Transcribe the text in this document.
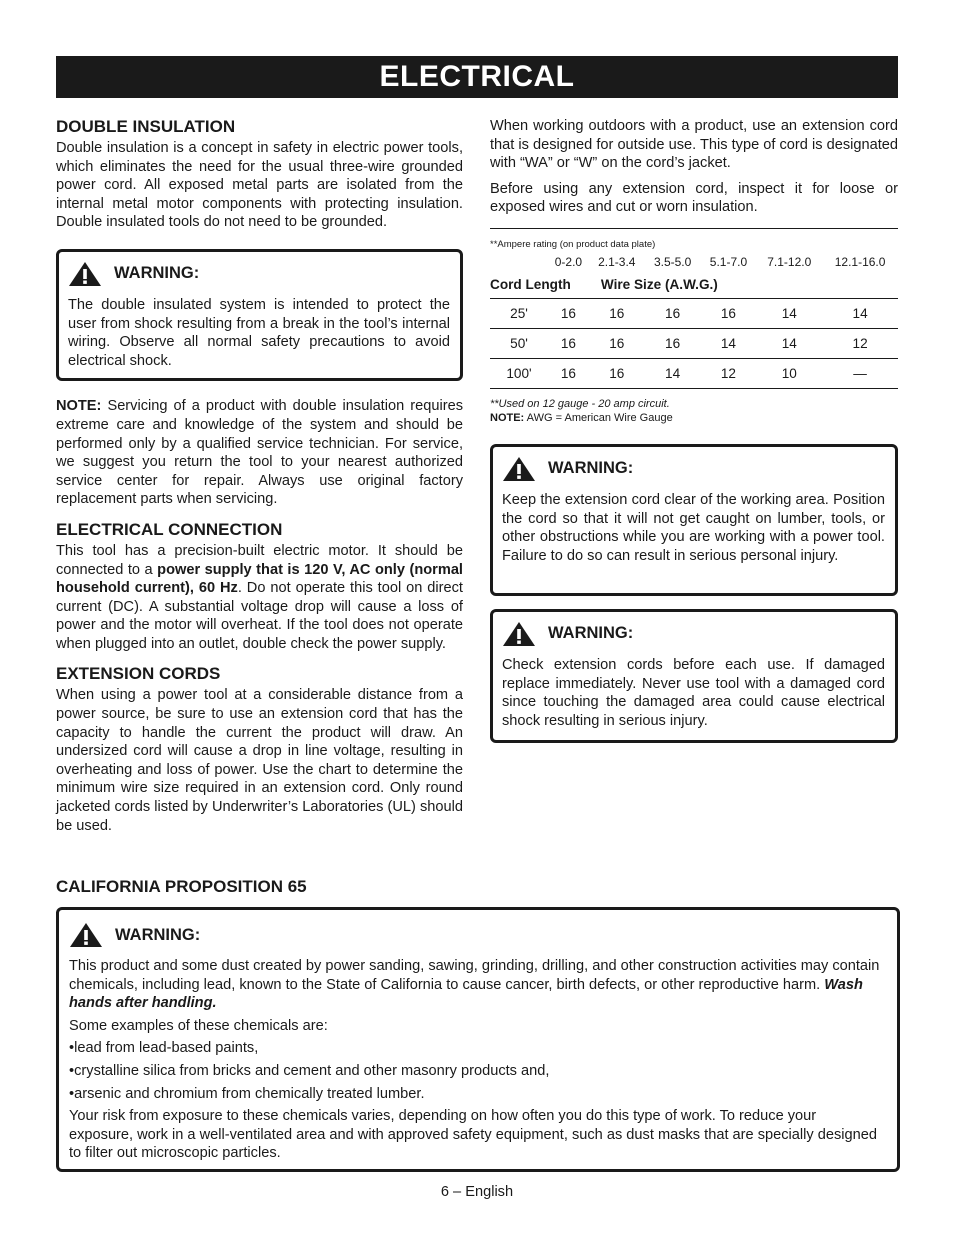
ELECTRICAL
DOUBLE INSULATION

Double insulation is a concept in safety in electric power tools, which eliminates the need for the usual three-wire grounded power cord. All exposed metal parts are isolated from the internal metal motor components with protecting insulation. Double insulated tools do not need to be grounded.

WARNING:

The double insulated system is intended to protect the user from shock resulting from a break in the tool’s internal wiring. Observe all normal safety precautions to avoid electrical shock.

NOTE: Servicing of a product with double insulation requires extreme care and knowledge of the system and should be performed only by a qualified service technician. For service, we suggest you return the tool to your nearest authorized service center for repair. Always use original factory replacement parts when servicing.

ELECTRICAL CONNECTION

This tool has a precision-built electric motor. It should be connected to a power supply that is 120 V, AC only (normal household current), 60 Hz. Do not operate this tool on direct current (DC). A substantial voltage drop will cause a loss of power and the motor will overheat. If the tool does not operate when plugged into an outlet, double check the power supply.

EXTENSION CORDS

When using a power tool at a considerable distance from a power source, be sure to use an extension cord that has the capacity to handle the current the product will draw. An undersized cord will cause a drop in line voltage, resulting in overheating and loss of power. Use the chart to determine the minimum wire size required in an extension cord. Only round jacketed cords listed by Underwriter’s Laboratories (UL) should be used.

When working outdoors with a product, use an extension cord that is designed for outside use. This type of cord is designated with “WA” or “W” on the cord’s jacket.

Before using any extension cord, inspect it for loose or exposed wires and cut or worn insulation.

**Ampere rating (on product data plate)						
	0-2.0	2.1-3.4	3.5-5.0	5.1-7.0	7.1-12.0	12.1-16.0
Cord Length		Wire Size (A.W.G.)				
25'	16	16	16	16	14	14
50'	16	16	16	14	14	12
100'	16	16	14	12	10	—

**Used on 12 gauge - 20 amp circuit.

NOTE: AWG = American Wire Gauge

WARNING:

Keep the extension cord clear of the working area. Position the cord so that it will not get caught on lumber, tools, or other obstructions while you are working with a power tool. Failure to do so can result in serious personal injury.

WARNING:

Check extension cords before each use. If damaged replace immediately. Never use tool with a damaged cord since touching the damaged area could cause electrical shock resulting in serious injury.

CALIFORNIA PROPOSITION 65
WARNING:

This product and some dust created by power sanding, sawing, grinding, drilling, and other construction activities may contain chemicals, including lead, known to the State of California to cause cancer, birth defects, or other reproductive harm. Wash hands after handling.

Some examples of these chemicals are:

•lead from lead-based paints,

•crystalline silica from bricks and cement and other masonry products and,

•arsenic and chromium from chemically treated lumber.

Your risk from exposure to these chemicals varies, depending on how often you do this type of work. To reduce your exposure, work in a well-ventilated area and with approved safety equipment, such as dust masks that are specially designed to filter out microscopic particles.

6 – English
